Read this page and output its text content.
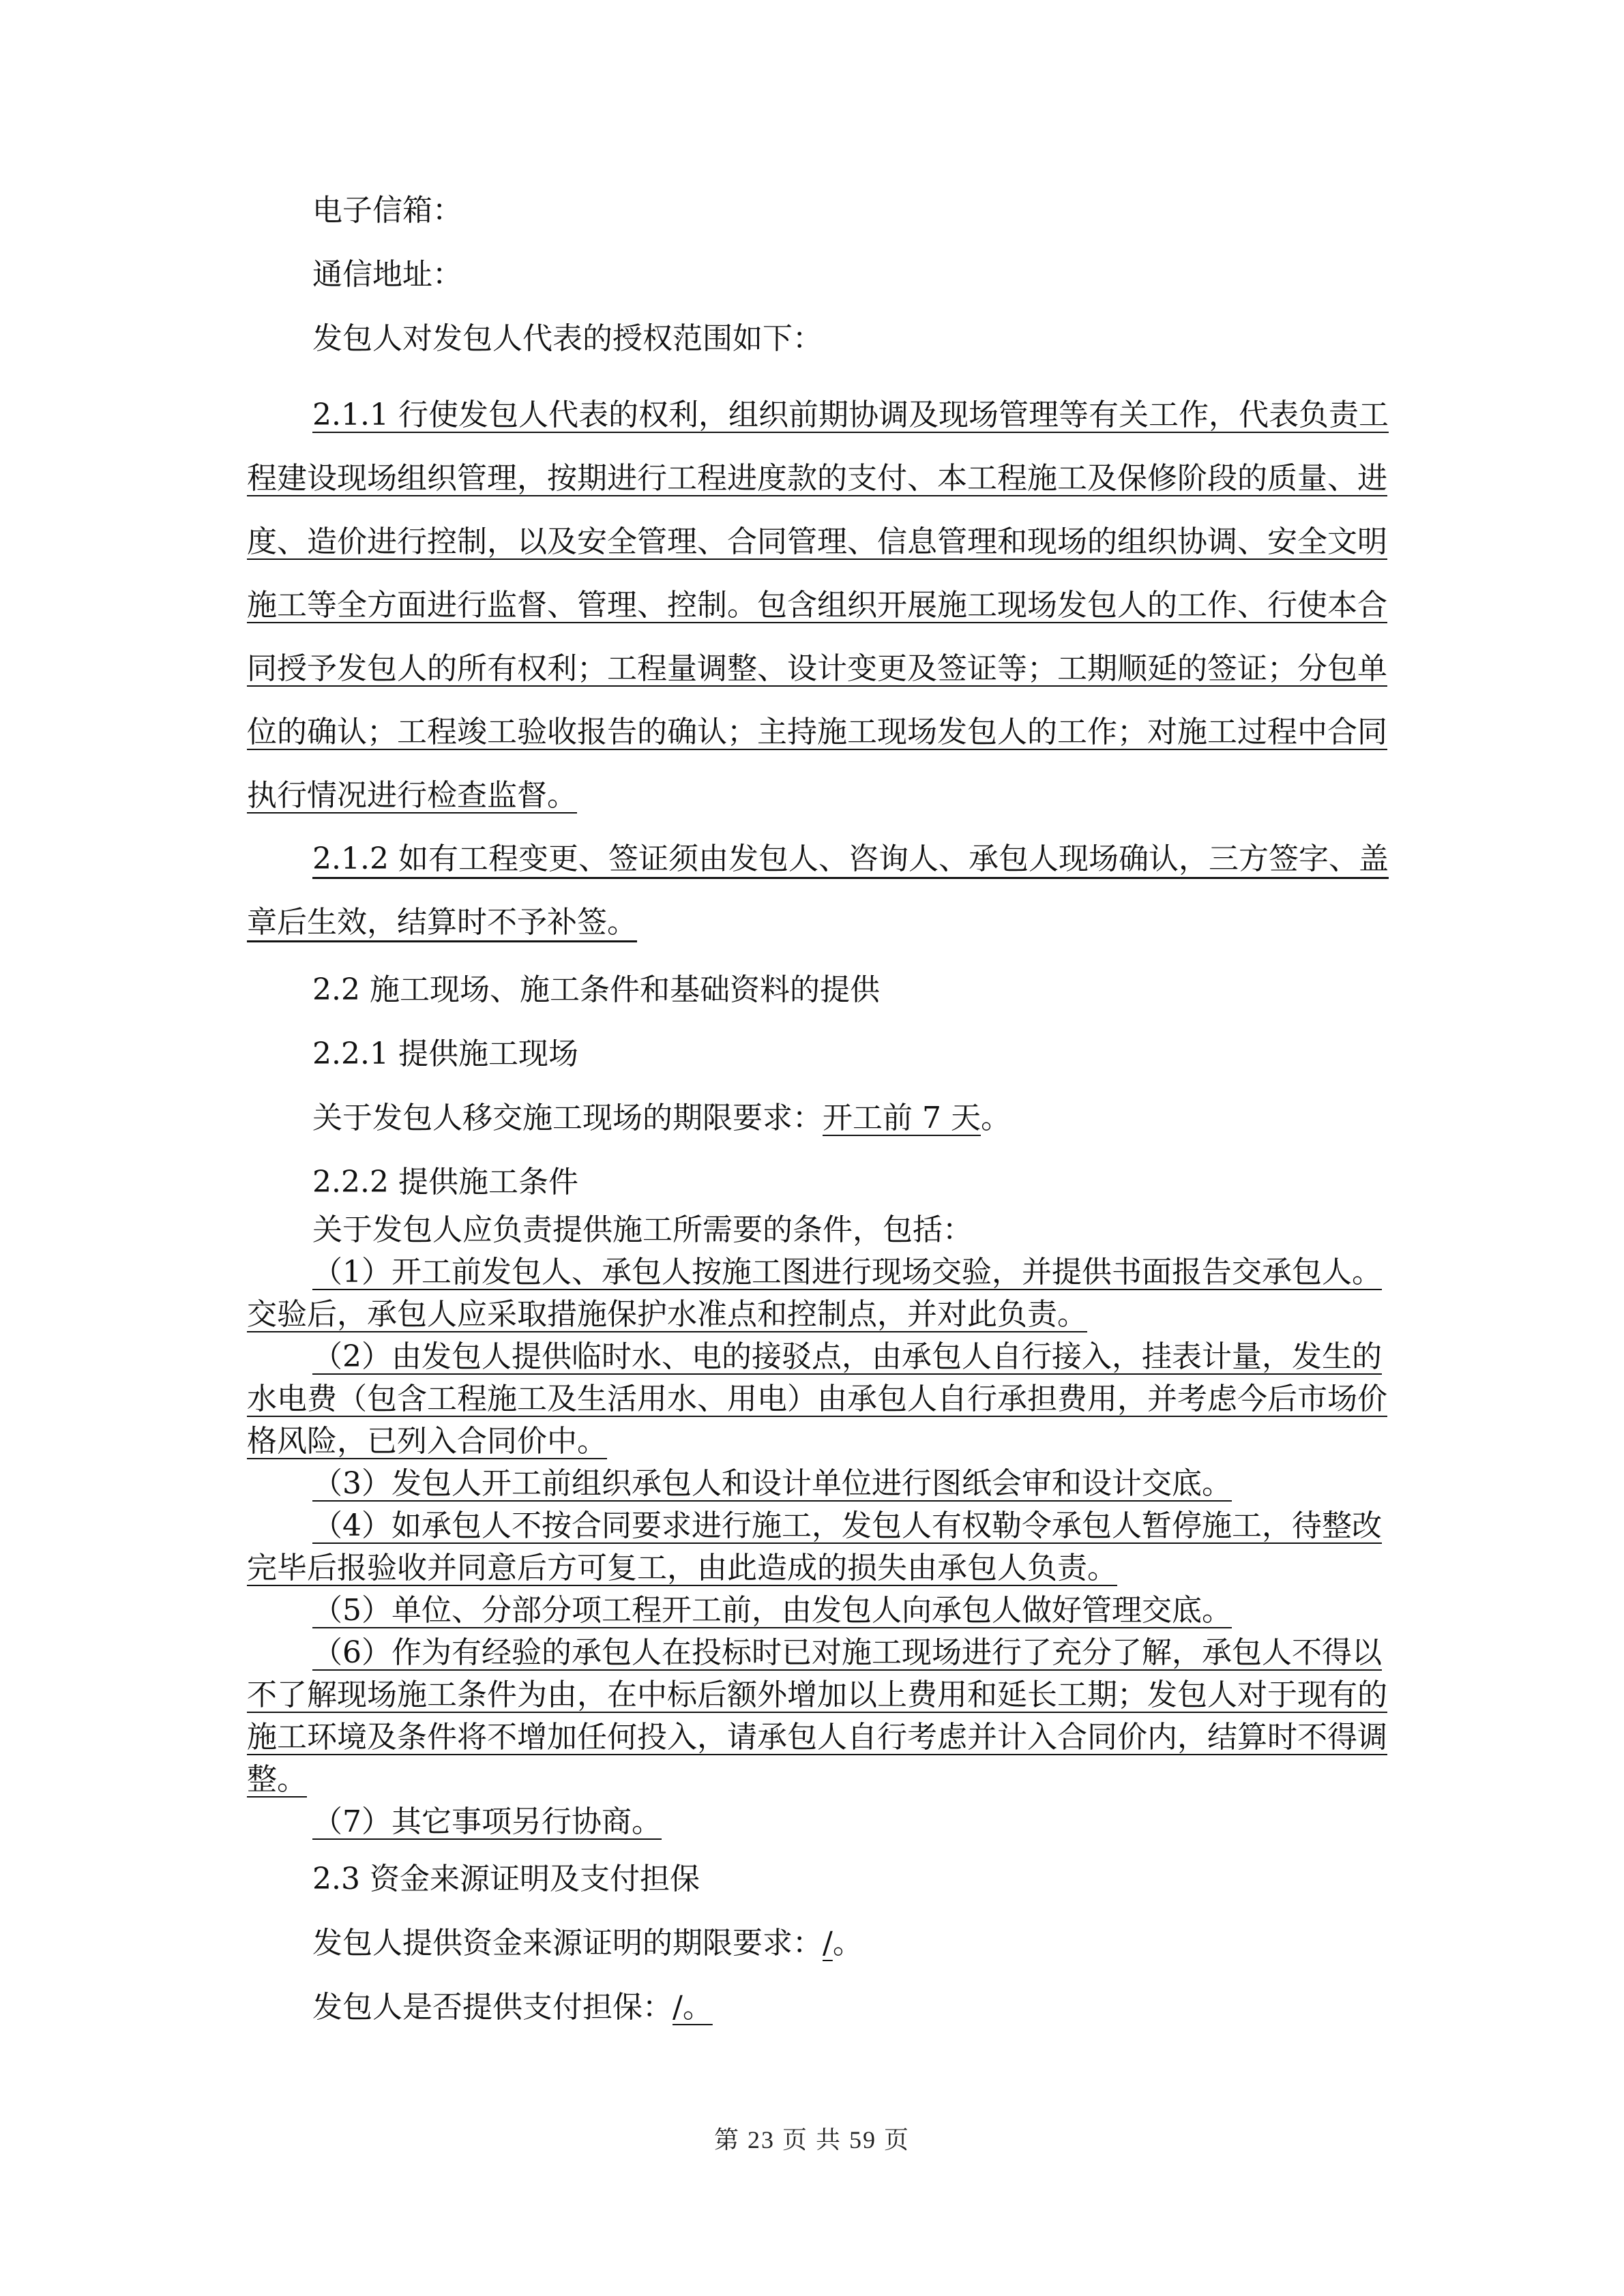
电子信箱：

通信地址：

发包人对发包人代表的授权范围如下：

2.1.1 行使发包人代表的权利，组织前期协调及现场管理等有关工作，代表负责工程建设现场组织管理，按期进行工程进度款的支付、本工程施工及保修阶段的质量、进度、造价进行控制，以及安全管理、合同管理、信息管理和现场的组织协调、安全文明施工等全方面进行监督、管理、控制。包含组织开展施工现场发包人的工作、行使本合同授予发包人的所有权利；工程量调整、设计变更及签证等；工期顺延的签证；分包单位的确认；工程竣工验收报告的确认；主持施工现场发包人的工作；对施工过程中合同执行情况进行检查监督。

2.1.2 如有工程变更、签证须由发包人、咨询人、承包人现场确认，三方签字、盖章后生效，结算时不予补签。

2.2 施工现场、施工条件和基础资料的提供

2.2.1 提供施工现场

关于发包人移交施工现场的期限要求：开工前 7 天。

2.2.2 提供施工条件

关于发包人应负责提供施工所需要的条件，包括：

（1）开工前发包人、承包人按施工图进行现场交验，并提供书面报告交承包人。交验后，承包人应采取措施保护水准点和控制点，并对此负责。

（2）由发包人提供临时水、电的接驳点，由承包人自行接入，挂表计量，发生的水电费（包含工程施工及生活用水、用电）由承包人自行承担费用，并考虑今后市场价格风险，已列入合同价中。

（3）发包人开工前组织承包人和设计单位进行图纸会审和设计交底。

（4）如承包人不按合同要求进行施工，发包人有权勒令承包人暂停施工，待整改完毕后报验收并同意后方可复工，由此造成的损失由承包人负责。

（5）单位、分部分项工程开工前，由发包人向承包人做好管理交底。

（6）作为有经验的承包人在投标时已对施工现场进行了充分了解，承包人不得以不了解现场施工条件为由，在中标后额外增加以上费用和延长工期；发包人对于现有的施工环境及条件将不增加任何投入，请承包人自行考虑并计入合同价内，结算时不得调整。

（7）其它事项另行协商。

2.3 资金来源证明及支付担保

发包人提供资金来源证明的期限要求：/。

发包人是否提供支付担保：/。

第 23 页 共 59 页
